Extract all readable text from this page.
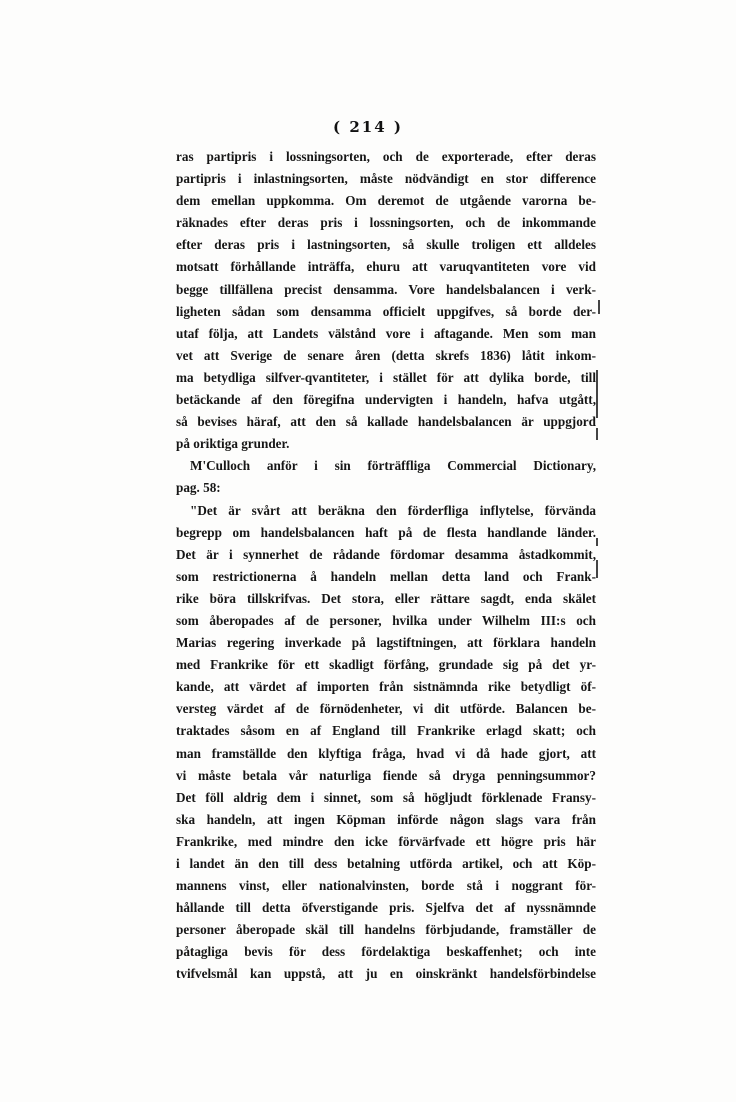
( 214 )
ras partipris i lossningsorten, och de exporterade, efter deras
partipris i inlastningsorten, måste nödvändigt en stor difference
dem emellan uppkomma. Om deremot de utgående varorna be-
räknades efter deras pris i lossningsorten, och de inkommande
efter deras pris i lastningsorten, så skulle troligen ett alldeles
motsatt förhållande inträffa, ehuru att varuqvantiteten vore vid
begge tillfällena precist densamma. Vore handelsbalancen i verk-
ligheten sådan som densamma officielt uppgifves, så borde der-
utaf följa, att Landets välstånd vore i aftagande. Men som man
vet att Sverige de senare åren (detta skrefs 1836) låtit inkom-
ma betydliga silfver-qvantiteter, i stället för att dylika borde, till
betäckande af den föregifna undervigten i handeln, hafva utgått,
så bevises häraf, att den så kallade handelsbalancen är uppgjord
på oriktiga grunder.
M'Culloch anför i sin förträffliga Commercial Dictionary,
pag. 58:
"Det är svårt att beräkna den förderfliga inflytelse, förvända
begrepp om handelsbalancen haft på de flesta handlande länder.
Det är i synnerhet de rådande fördomar desamma åstadkommit,
som restrictionerna å handeln mellan detta land och Frank-
rike böra tillskrifvas. Det stora, eller rättare sagdt, enda skälet
som åberopades af de personer, hvilka under Wilhelm III:s och
Marias regering inverkade på lagstiftningen, att förklara handeln
med Frankrike för ett skadligt förfång, grundade sig på det yr-
kande, att värdet af importen från sistnämnda rike betydligt öf-
versteg värdet af de förnödenheter, vi dit utförde. Balancen be-
traktades såsom en af England till Frankrike erlagd skatt; och
man framställde den klyftiga fråga, hvad vi då hade gjort, att
vi måste betala vår naturliga fiende så dryga penningsummor?
Det föll aldrig dem i sinnet, som så högljudt förklenade Fransy-
ska handeln, att ingen Köpman införde någon slags vara från
Frankrike, med mindre den icke förvärfvade ett högre pris här
i landet än den till dess betalning utförda artikel, och att Köp-
mannens vinst, eller nationalvinsten, borde stå i noggrant för-
hållande till detta öfverstigande pris. Sjelfva det af nyssnämnde
personer åberopade skäl till handelns förbjudande, framställer de
påtagliga bevis för dess fördelaktiga beskaffenhet; och inte
tvifvelsmål kan uppstå, att ju en oinskränkt handelsförbindelse
